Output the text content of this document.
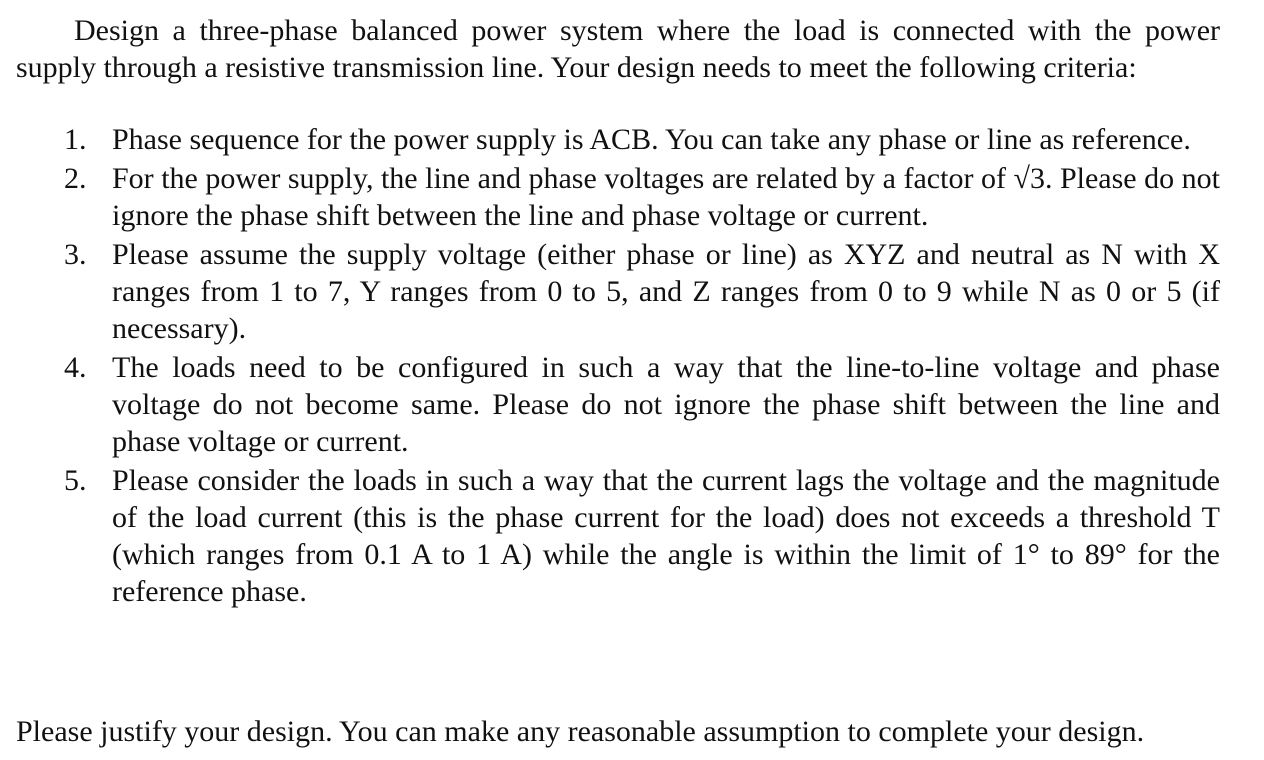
Design a three-phase balanced power system where the load is connected with the power supply through a resistive transmission line. Your design needs to meet the following criteria:

1. Phase sequence for the power supply is ACB. You can take any phase or line as reference.
2. For the power supply, the line and phase voltages are related by a factor of √3. Please do not ignore the phase shift between the line and phase voltage or current.
3. Please assume the supply voltage (either phase or line) as XYZ and neutral as N with X ranges from 1 to 7, Y ranges from 0 to 5, and Z ranges from 0 to 9 while N as 0 or 5 (if necessary).
4. The loads need to be configured in such a way that the line-to-line voltage and phase voltage do not become same. Please do not ignore the phase shift between the line and phase voltage or current.
5. Please consider the loads in such a way that the current lags the voltage and the magnitude of the load current (this is the phase current for the load) does not exceeds a threshold T (which ranges from 0.1 A to 1 A) while the angle is within the limit of 1° to 89° for the reference phase.

Please justify your design. You can make any reasonable assumption to complete your design.
